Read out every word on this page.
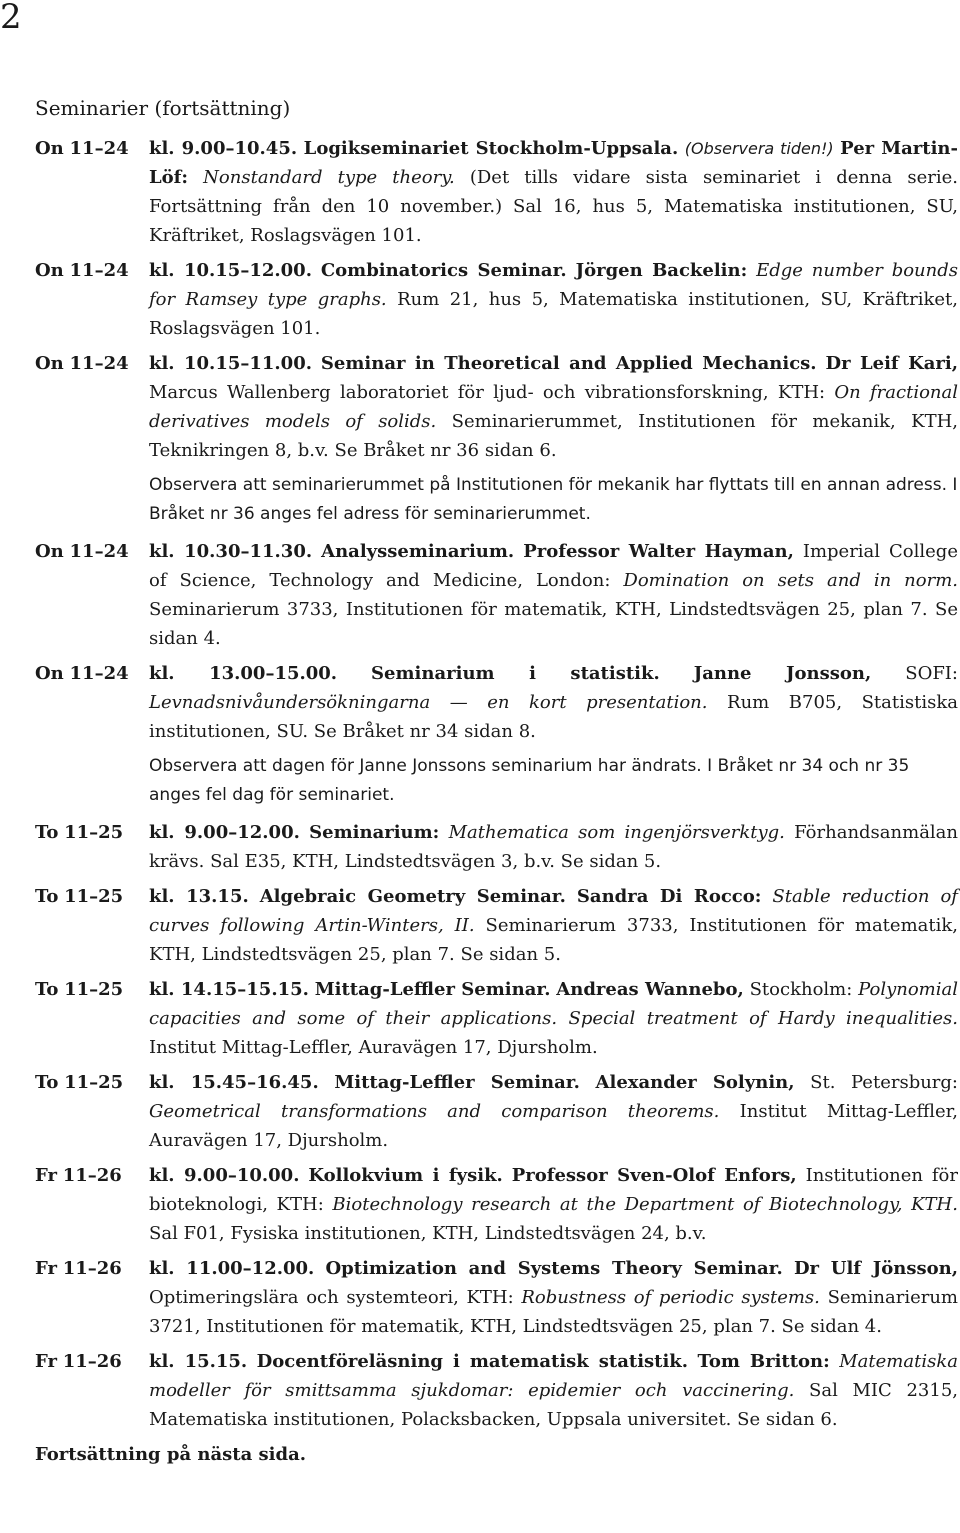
2
Seminarier (fortsättning)

On 11–24 kl. 9.00–10.45. Logikseminariet Stockholm-Uppsala. (Observera tiden!) Per Martin-Löf: Nonstandard type theory. (Det tills vidare sista seminariet i denna serie. Fortsättning från den 10 november.) Sal 16, hus 5, Matematiska institutionen, SU, Kräftriket, Roslagsvägen 101.

On 11–24 kl. 10.15–12.00. Combinatorics Seminar. Jörgen Backelin: Edge number bounds for Ramsey type graphs. Rum 21, hus 5, Matematiska institutionen, SU, Kräftriket, Roslagsvägen 101.

On 11–24 kl. 10.15–11.00. Seminar in Theoretical and Applied Mechanics. Dr Leif Kari, Marcus Wallenberg laboratoriet för ljud- och vibrationsforskning, KTH: On fractional derivatives models of solids. Seminarierummet, Institutionen för mekanik, KTH, Teknikringen 8, b.v. Se Bråket nr 36 sidan 6.

Observera att seminarierummet på Institutionen för mekanik har flyttats till en annan adress. I Bråket nr 36 anges fel adress för seminarierummet.

On 11–24 kl. 10.30–11.30. Analysseminarium. Professor Walter Hayman, Imperial College of Science, Technology and Medicine, London: Domination on sets and in norm. Seminarierum 3733, Institutionen för matematik, KTH, Lindstedtsvägen 25, plan 7. Se sidan 4.

On 11–24 kl. 13.00–15.00. Seminarium i statistik. Janne Jonsson, SOFI: Levnadsnivåundersökningarna — en kort presentation. Rum B705, Statistiska institutionen, SU. Se Bråket nr 34 sidan 8.

Observera att dagen för Janne Jonssons seminarium har ändrats. I Bråket nr 34 och nr 35 anges fel dag för seminariet.

To 11–25 kl. 9.00–12.00. Seminarium: Mathematica som ingenjörsverktyg. Förhandsanmälan krävs. Sal E35, KTH, Lindstedtsvägen 3, b.v. Se sidan 5.

To 11–25 kl. 13.15. Algebraic Geometry Seminar. Sandra Di Rocco: Stable reduction of curves following Artin-Winters, II. Seminarierum 3733, Institutionen för matematik, KTH, Lindstedtsvägen 25, plan 7. Se sidan 5.

To 11–25 kl. 14.15–15.15. Mittag-Leffler Seminar. Andreas Wannebo, Stockholm: Polynomial capacities and some of their applications. Special treatment of Hardy inequalities. Institut Mittag-Leffler, Auravägen 17, Djursholm.

To 11–25 kl. 15.45–16.45. Mittag-Leffler Seminar. Alexander Solynin, St. Petersburg: Geometrical transformations and comparison theorems. Institut Mittag-Leffler, Auravägen 17, Djursholm.

Fr 11–26 kl. 9.00–10.00. Kollokvium i fysik. Professor Sven-Olof Enfors, Institutionen för bioteknologi, KTH: Biotechnology research at the Department of Biotechnology, KTH. Sal F01, Fysiska institutionen, KTH, Lindstedtsvägen 24, b.v.

Fr 11–26 kl. 11.00–12.00. Optimization and Systems Theory Seminar. Dr Ulf Jönsson, Optimeringslära och systemteori, KTH: Robustness of periodic systems. Seminarierum 3721, Institutionen för matematik, KTH, Lindstedtsvägen 25, plan 7. Se sidan 4.

Fr 11–26 kl. 15.15. Docentföreläsning i matematisk statistik. Tom Britton: Matematiska modeller för smittsamma sjukdomar: epidemier och vaccinering. Sal MIC 2315, Matematiska institutionen, Polacksbacken, Uppsala universitet. Se sidan 6.

Fortsättning på nästa sida.
